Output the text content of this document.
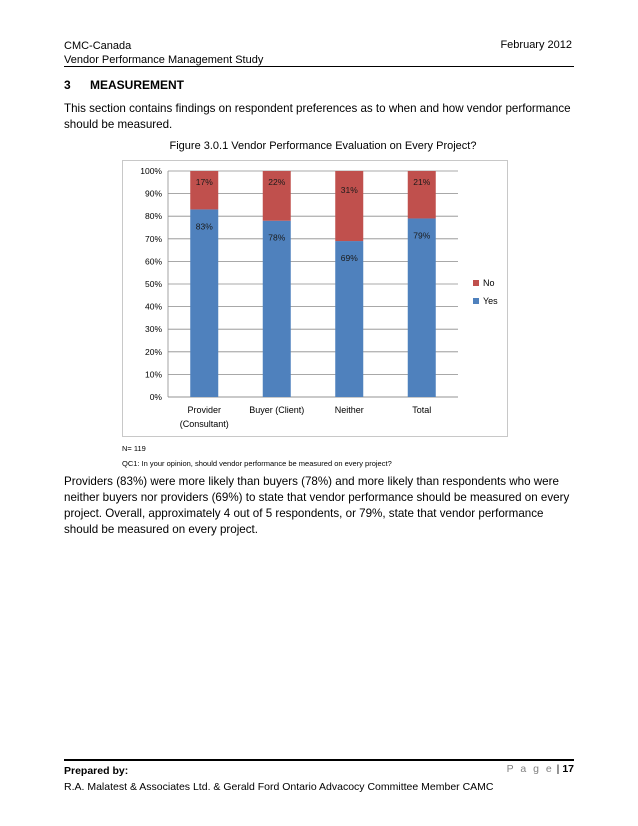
CMC-Canada
Vendor Performance Management Study
February 2012
3 MEASUREMENT
This section contains findings on respondent preferences as to when and how vendor performance should be measured.
Figure 3.0.1 Vendor Performance Evaluation on Every Project?
0%
10%
20%
30%
40%
50%
60%
70%
80%
90%
100%
83%
17%
Provider
(Consultant)
78%
22%
Buyer (Client)
69%
31%
Neither
79%
21%
Total
No
Yes
N= 119
QC1: In your opinion, should vendor performance be measured on every project?
Providers (83%) were more likely than buyers (78%) and more likely than respondents who were neither buyers nor providers (69%) to state that vendor performance should be measured on every project. Overall, approximately 4 out of 5 respondents, or 79%, state that vendor performance should be measured on every project.
Prepared by:
R.A. Malatest & Associates Ltd. & Gerald Ford Ontario Advacocy Committee Member CAMC
P a g e | 17
